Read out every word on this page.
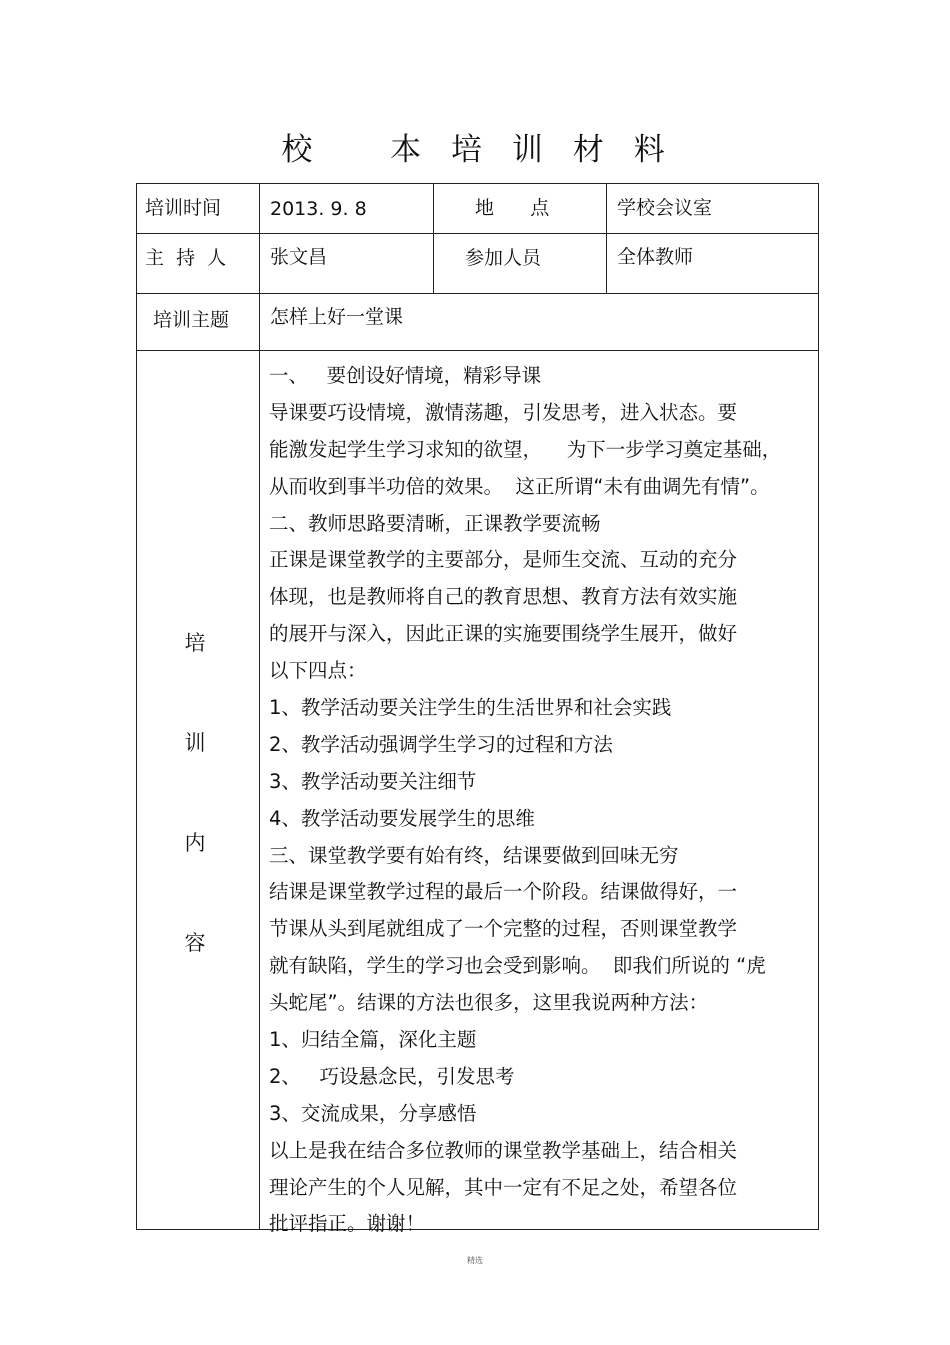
校 本 培 训 材 料
培训时间	2013. 9. 8	地      点	学校会议室
主  持  人 张文昌	参加人员	全体教师
培训主题 怎样上好一堂课
培
训
内
容
一、   要创设好情境，精彩导课
导课要巧设情境，激情荡趣，引发思考，进入状态。要
能激发起学生学习求知的欲望，    为下一步学习奠定基础，
从而收到事半功倍的效果。  这正所谓“未有曲调先有情”。
二、教师思路要清晰，正课教学要流畅
正课是课堂教学的主要部分，是师生交流、互动的充分
体现，也是教师将自己的教育思想、教育方法有效实施
的展开与深入，因此正课的实施要围绕学生展开，做好
以下四点：
1、教学活动要关注学生的生活世界和社会实践
2、教学活动强调学生学习的过程和方法
3、教学活动要关注细节
4、教学活动要发展学生的思维
三、课堂教学要有始有终，结课要做到回味无穷
结课是课堂教学过程的最后一个阶段。结课做得好，一
节课从头到尾就组成了一个完整的过程，否则课堂教学
就有缺陷，学生的学习也会受到影响。  即我们所说的 “虎
头蛇尾”。结课的方法也很多，这里我说两种方法：
1、归结全篇，深化主题
2、   巧设悬念民，引发思考
3、交流成果，分享感悟
以上是我在结合多位教师的课堂教学基础上，结合相关
理论产生的个人见解，其中一定有不足之处，希望各位
批评指正。谢谢！
精选
